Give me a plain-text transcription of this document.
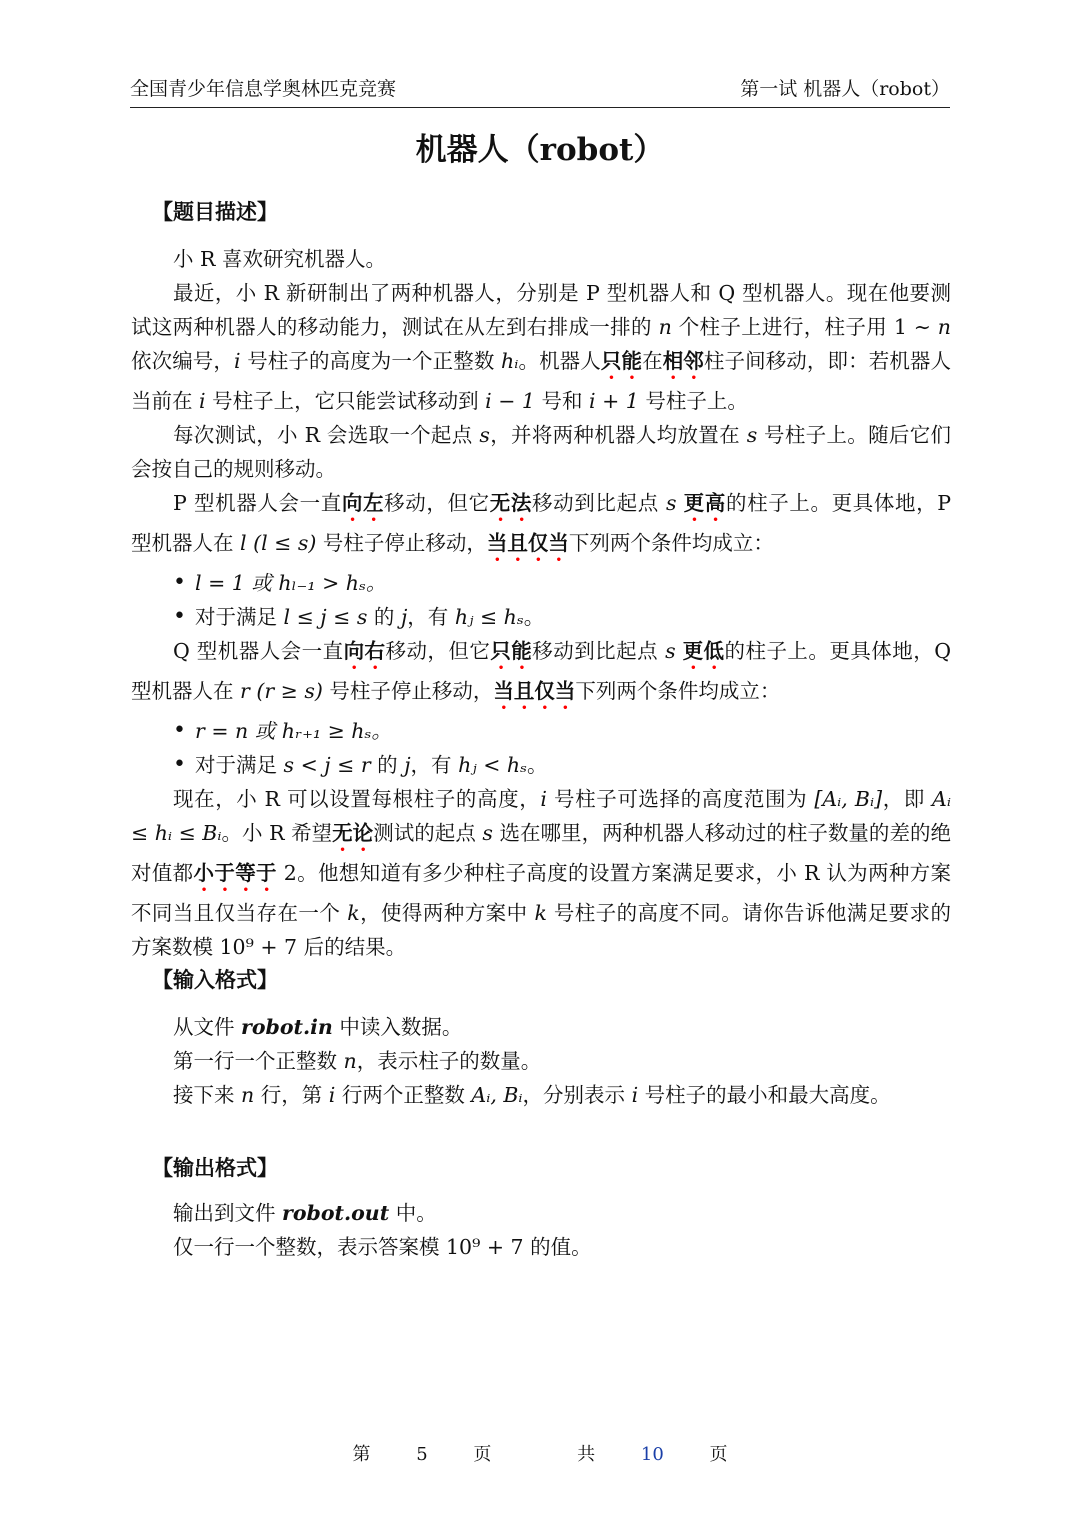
全国青少年信息学奥林匹克竞赛	第一试 机器人（robot）
机器人（robot）
【题目描述】

小 R 喜欢研究机器人。

最近，小 R 新研制出了两种机器人，分别是 P 型机器人和 Q 型机器人。现在他要测试这两种机器人的移动能力，测试在从左到右排成一排的 n 个柱子上进行，柱子用 1 ∼ n 依次编号，i 号柱子的高度为一个正整数 hᵢ。机器人只能在相邻柱子间移动，即：若机器人当前在 i 号柱子上，它只能尝试移动到 i − 1 号和 i + 1 号柱子上。

每次测试，小 R 会选取一个起点 s，并将两种机器人均放置在 s 号柱子上。随后它们会按自己的规则移动。

P 型机器人会一直向左移动，但它无法移动到比起点 s 更高的柱子上。更具体地，P 型机器人在 l (l ≤ s) 号柱子停止移动，当且仅当下列两个条件均成立：

• l = 1 或 hₗ₋₁ > hₛ。
• 对于满足 l ≤ j ≤ s 的 j，有 hⱼ ≤ hₛ。

Q 型机器人会一直向右移动，但它只能移动到比起点 s 更低的柱子上。更具体地，Q 型机器人在 r (r ≥ s) 号柱子停止移动，当且仅当下列两个条件均成立：

• r = n 或 hᵣ₊₁ ≥ hₛ。
• 对于满足 s < j ≤ r 的 j，有 hⱼ < hₛ。

现在，小 R 可以设置每根柱子的高度，i 号柱子可选择的高度范围为 [Aᵢ, Bᵢ]，即 Aᵢ ≤ hᵢ ≤ Bᵢ。小 R 希望无论测试的起点 s 选在哪里，两种机器人移动过的柱子数量的差的绝对值都小于等于 2。他想知道有多少种柱子高度的设置方案满足要求，小 R 认为两种方案不同当且仅当存在一个 k，使得两种方案中 k 号柱子的高度不同。请你告诉他满足要求的方案数模 10⁹ + 7 后的结果。

【输入格式】
从文件 robot.in 中读入数据。
第一行一个正整数 n，表示柱子的数量。
接下来 n 行，第 i 行两个正整数 Aᵢ, Bᵢ，分别表示 i 号柱子的最小和最大高度。
【输出格式】
输出到文件 robot.out 中。
仅一行一个整数，表示答案模 10⁹ + 7 的值。
第 5 页	共 10 页
